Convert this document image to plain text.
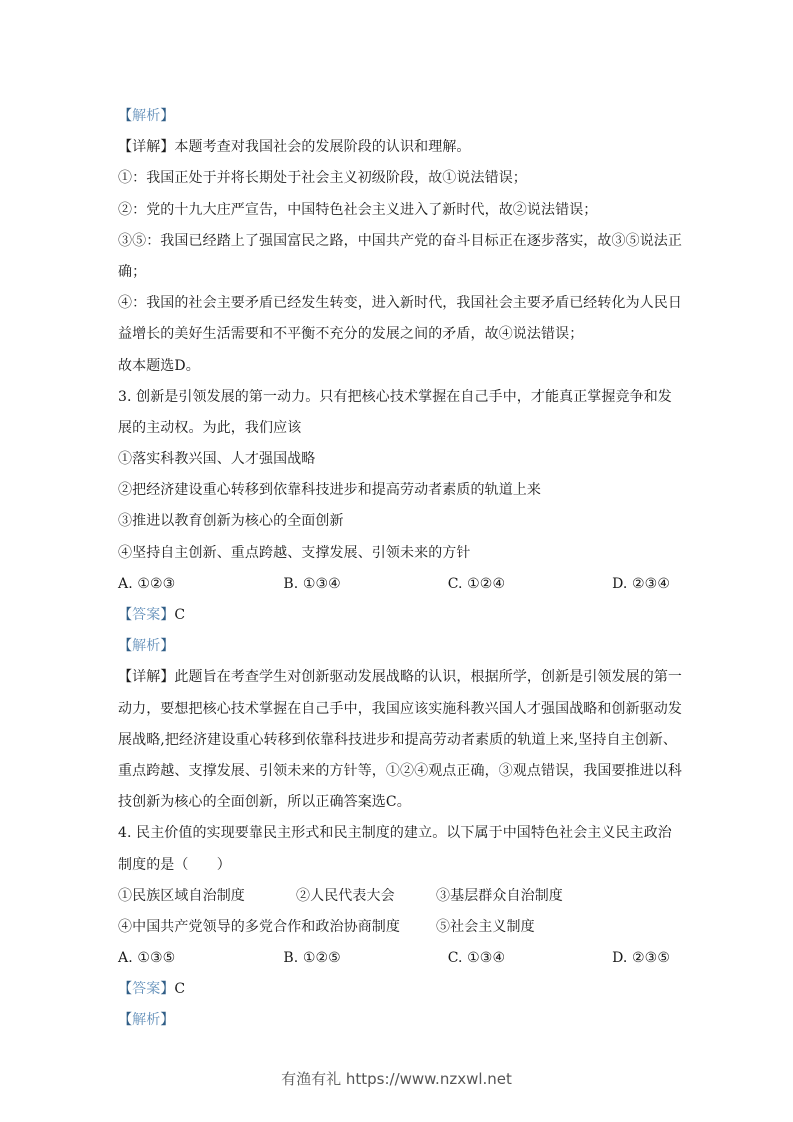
【解析】
【详解】本题考查对我国社会的发展阶段的认识和理解。
①：我国正处于并将长期处于社会主义初级阶段，故①说法错误；
②：党的十九大庄严宣告，中国特色社会主义进入了新时代，故②说法错误；
③⑤：我国已经踏上了强国富民之路，中国共产党的奋斗目标正在逐步落实，故③⑤说法正
确；
④：我国的社会主要矛盾已经发生转变，进入新时代，我国社会主要矛盾已经转化为人民日
益增长的美好生活需要和不平衡不充分的发展之间的矛盾，故④说法错误；
故本题选D。
3. 创新是引领发展的第一动力。只有把核心技术掌握在自己手中，才能真正掌握竞争和发
展的主动权。为此，我们应该
①落实科教兴国、人才强国战略
②把经济建设重心转移到依靠科技进步和提高劳动者素质的轨道上来
③推进以教育创新为核心的全面创新
④坚持自主创新、重点跨越、支撑发展、引领未来的方针
A. ①②③	B. ①③④	C. ①②④	D. ②③④
【答案】C
【解析】
【详解】此题旨在考查学生对创新驱动发展战略的认识，根据所学，创新是引领发展的第一
动力，要想把核心技术掌握在自己手中，我国应该实施科教兴国人才强国战略和创新驱动发
展战略,把经济建设重心转移到依靠科技进步和提高劳动者素质的轨道上来,坚持自主创新、
重点跨越、支撑发展、引领未来的方针等，①②④观点正确，③观点错误，我国要推进以科
技创新为核心的全面创新，所以正确答案选C。
4. 民主价值的实现要靠民主形式和民主制度的建立。以下属于中国特色社会主义民主政治
制度的是（　　）
①民族区域自治制度	②人民代表大会	③基层群众自治制度
④中国共产党领导的多党合作和政治协商制度	⑤社会主义制度
A. ①③⑤	B. ①②⑤	C. ①③④	D. ②③⑤
【答案】C
【解析】
有渔有礼 https://www.nzxwl.net
